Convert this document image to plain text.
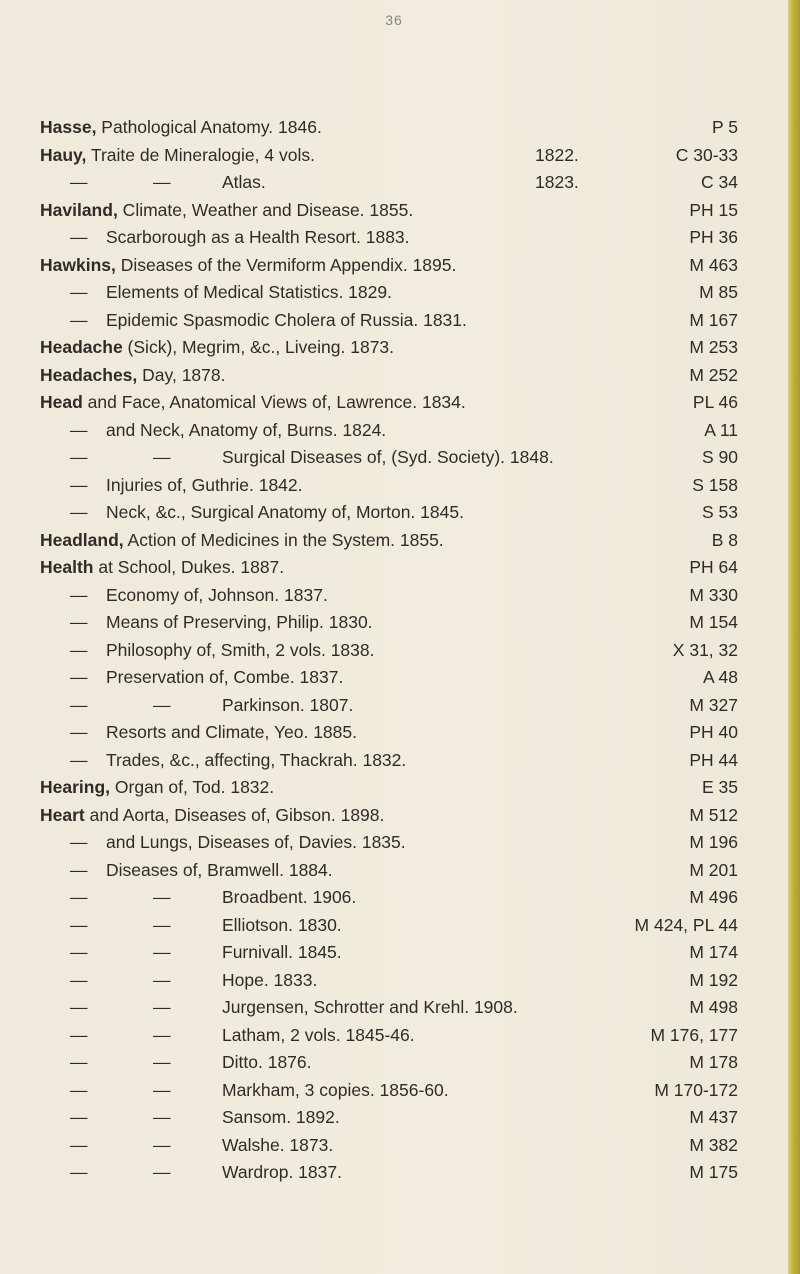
36
Hasse, Pathological Anatomy. 1846.	P 5
Hauy, Traite de Mineralogie, 4 vols.	1822.	C 30-33
—	—	Atlas.	1823.	C 34
Haviland, Climate, Weather and Disease. 1855.	PH 15
— Scarborough as a Health Resort. 1883.	PH 36
Hawkins, Diseases of the Vermiform Appendix. 1895.	M 463
— Elements of Medical Statistics. 1829.	M 85
— Epidemic Spasmodic Cholera of Russia. 1831.	M 167
Headache (Sick), Megrim, &c., Liveing. 1873.	M 253
Headaches, Day, 1878.	M 252
Head and Face, Anatomical Views of, Lawrence. 1834.	PL 46
— and Neck, Anatomy of, Burns. 1824.	A 11
—	—	Surgical Diseases of, (Syd. Society). 1848.	S 90
— Injuries of, Guthrie. 1842.	S 158
— Neck, &c., Surgical Anatomy of, Morton. 1845.	S 53
Headland, Action of Medicines in the System. 1855.	B 8
Health at School, Dukes. 1887.	PH 64
— Economy of, Johnson. 1837.	M 330
— Means of Preserving, Philip. 1830.	M 154
— Philosophy of, Smith, 2 vols. 1838.	X 31, 32
— Preservation of, Combe. 1837.	A 48
—	—	Parkinson. 1807.	M 327
— Resorts and Climate, Yeo. 1885.	PH 40
— Trades, &c., affecting, Thackrah. 1832.	PH 44
Hearing, Organ of, Tod. 1832.	E 35
Heart and Aorta, Diseases of, Gibson. 1898.	M 512
— and Lungs, Diseases of, Davies. 1835.	M 196
— Diseases of, Bramwell. 1884.	M 201
—	—	Broadbent. 1906.	M 496
—	—	Elliotson. 1830.	M 424, PL 44
—	—	Furnivall. 1845.	M 174
—	—	Hope. 1833.	M 192
—	—	Jurgensen, Schrotter and Krehl. 1908.	M 498
—	—	Latham, 2 vols. 1845-46.	M 176, 177
—	—	Ditto. 1876.	M 178
—	—	Markham, 3 copies. 1856-60.	M 170-172
—	—	Sansom. 1892.	M 437
—	—	Walshe. 1873.	M 382
—	—	Wardrop. 1837.	M 175
